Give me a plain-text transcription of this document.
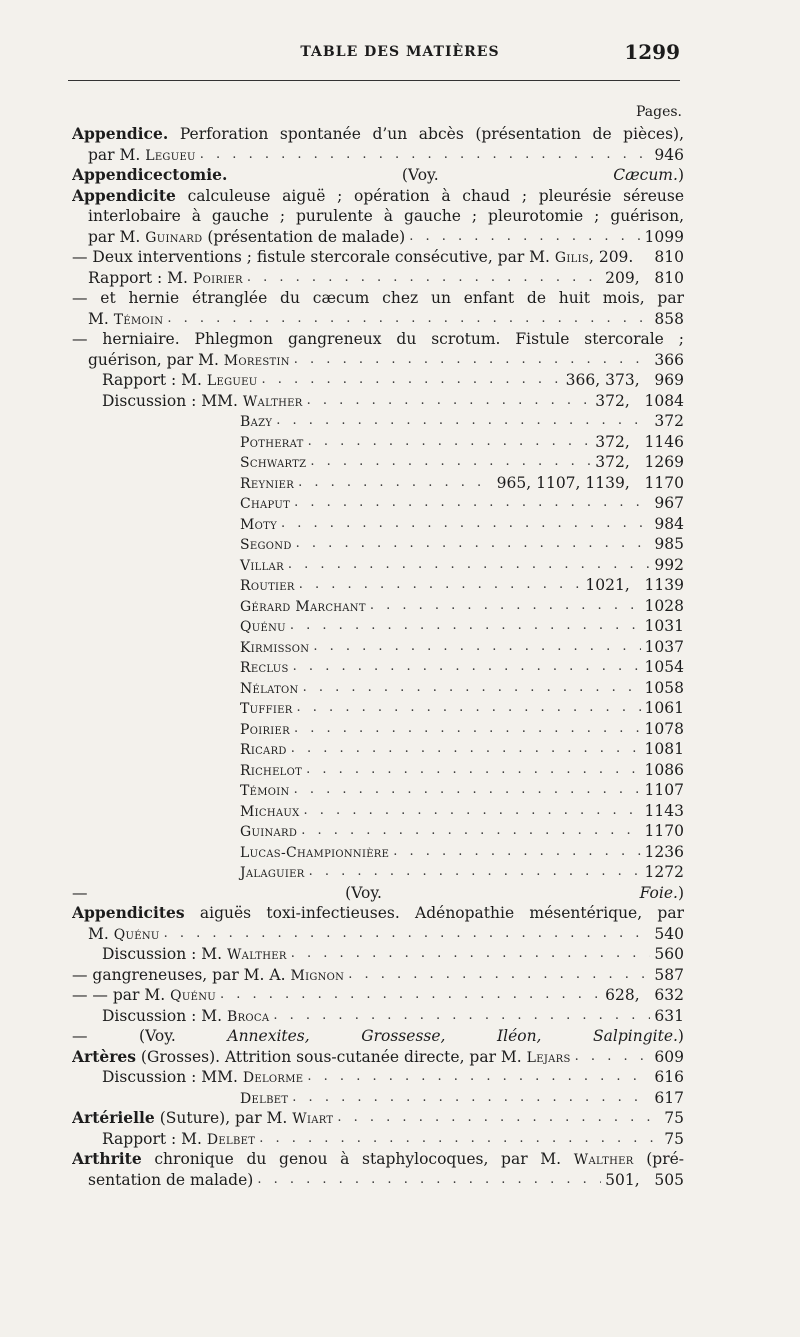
TABLE DES MATIÈRES	1299
Pages.
Appendice. Perforation spontanée d’un abcès (présentation de pièces),
par M. Legueu . . .	946
Appendicectomie. (Voy. Cæcum.)
Appendicite calculeuse aiguë ; opération à chaud ; pleurésie séreuse
interlobaire à gauche ; purulente à gauche ; pleurotomie ; guérison,
par M. Guinard (présentation de malade) . . .	1099
— Deux interventions ; fistule stercorale consécutive, par M. Gilis, 209. 810
Rapport : M. Poirier . . .	209,   810
— et hernie étranglée du cæcum chez un enfant de huit mois, par
M. Témoin . . .	858
— herniaire. Phlegmon gangreneux du scrotum. Fistule stercorale ;
guérison, par M. Morestin . . .	366
Rapport : M. Legueu . . .	366, 373,   969
Discussion : MM. Walther . . .	372,   1084
Bazy . . .	372
Potherat . . .	372,   1146
Schwartz . . .	372,   1269
Reynier . . .	965, 1107, 1139,   1170
Chaput . . .	967
Moty . . .	984
Segond . . .	985
Villar . . .	992
Routier . . .	1021,   1139
Gérard Marchant . . .	1028
Quénu . . .	1031
Kirmisson . . .	1037
Reclus . . .	1054
Nélaton . . .	1058
Tuffier . . .	1061
Poirier . . .	1078
Ricard . . .	1081
Richelot . . .	1086
Témoin . . .	1107
Michaux . . .	1143
Guinard . . .	1170
Lucas-Championnière . . .	1236
Jalaguier . . .	1272
— (Voy. Foie.)
Appendicites aiguës toxi-infectieuses. Adénopathie mésentérique, par
M. Quénu . . .	540
Discussion : M. Walther . . .	560
— gangreneuses, par M. A. Mignon . . .	587
— — par M. Quénu . . .	628,   632
Discussion : M. Broca . . .	631
— (Voy. Annexites, Grossesse, Iléon, Salpingite.)
Artères (Grosses). Attrition sous-cutanée directe, par M. Lejars . . .	609
Discussion : MM. Delorme . . .	616
Delbet . . .	617
Artérielle (Suture), par M. Wiart . . .	75
Rapport : M. Delbet . . .	75
Arthrite chronique du genou à staphylocoques, par M. Walther (pré-
sentation de malade) . . .	501,   505
